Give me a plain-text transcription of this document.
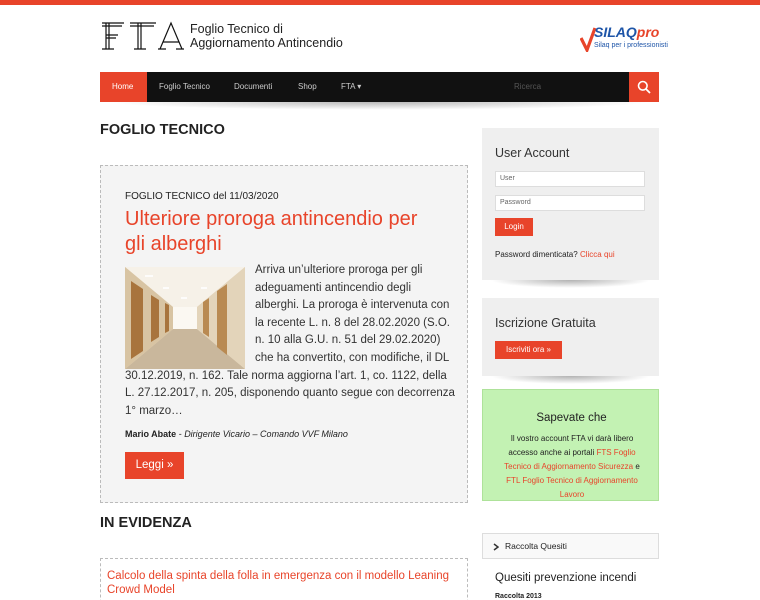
Foglio Tecnico di
Aggiornamento Antincendio
SILAQpro
Silaq per i professionisti
Home	Foglio Tecnico	Documenti	Shop	FTA ▾	Ricerca
FOGLIO TECNICO
FOGLIO TECNICO del 11/03/2020
Ulteriore proroga antincendio per gli alberghi
Arriva un’ulteriore proroga per gli adeguamenti antincendio degli alberghi. La proroga è intervenuta con la recente L. n. 8 del 28.02.2020 (S.O. n. 10 alla G.U. n. 51 del 29.02.2020) che ha convertito, con modifiche, il DL 30.12.2019, n. 162. Tale norma aggiorna l’art. 1, co. 1122, della L. 27.12.2017, n. 205, disponendo quanto segue con decorrenza 1° marzo…
Mario Abate - Dirigente Vicario – Comando VVF Milano
Leggi »
IN EVIDENZA
Calcolo della spinta della folla in emergenza con il modello Leaning Crowd Model
User Account
User
Password
Login
Password dimenticata? Clicca qui
Iscrizione Gratuita
Iscriviti ora »
Sapevate che
Il vostro account FTA vi darà libero accesso anche ai portali FTS Foglio Tecnico di Aggiornamento Sicurezza e FTL Foglio Tecnico di Aggiornamento Lavoro
Raccolta Quesiti
Quesiti prevenzione incendi
Raccolta 2013
